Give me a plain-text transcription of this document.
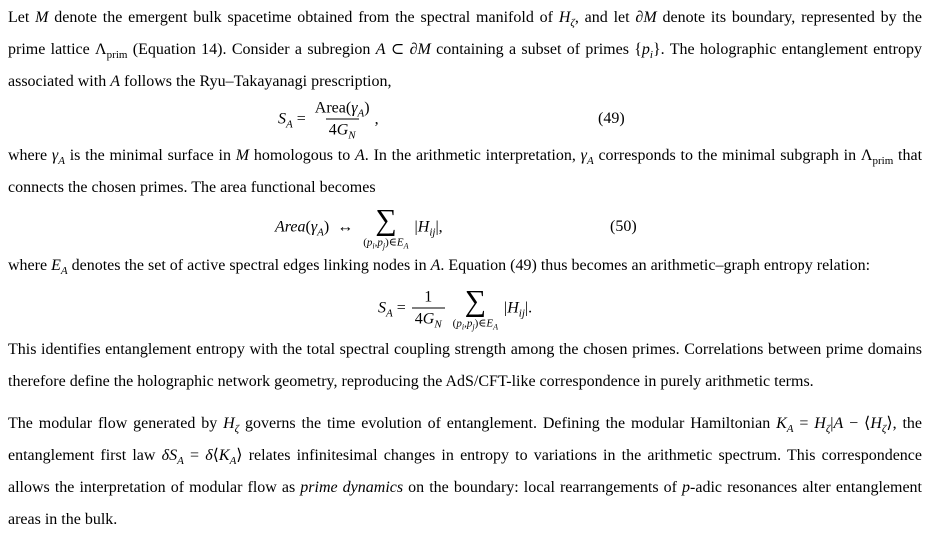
Let M denote the emergent bulk spacetime obtained from the spectral manifold of $H_\zeta$, and let ∂M denote its boundary, represented by the prime lattice $\Lambda_{prim}$ (Equation 14). Consider a subregion A ⊂ ∂M containing a subset of primes $\{p_i\}$. The holographic entanglement entropy associated with A follows the Ryu–Takayanagi prescription,

$S_A = \frac{Area(\gamma_A)}{4G_N}$ ,	(49)

where $\gamma_A$ is the minimal surface in M homologous to A. In the arithmetic interpretation, $\gamma_A$ corresponds to the minimal subgraph in $\Lambda_{prim}$ that connects the chosen primes. The area functional becomes

$Area(\gamma_A)$  ↔ ∑
$(p_i,p_j)\in E_A$
$|H_{ij}|$,	(50)

where $E_A$ denotes the set of active spectral edges linking nodes in A. Equation (49) thus becomes an arithmetic–graph entropy relation:

$S_A = \frac{1}{4G_N}$ ∑
$(p_i,p_j)\in E_A$
$|H_{ij}|$.

This identifies entanglement entropy with the total spectral coupling strength among the chosen primes. Correlations between prime domains therefore define the holographic network geometry, reproducing the AdS/CFT-like correspondence in purely arithmetic terms.

The modular flow generated by $H_\zeta$ governs the time evolution of entanglement. Defining the modular Hamiltonian $K_A = H_\zeta|A$ − $⟨H_\zeta⟩$, the entanglement first law $\delta S_A$ = $\delta⟨K_A⟩$ relates infinitesimal changes in entropy to variations in the arithmetic spectrum. This correspondence allows the interpretation of modular flow as prime dynamics on the boundary: local rearrangements of p-adic resonances alter entanglement areas in the bulk.
